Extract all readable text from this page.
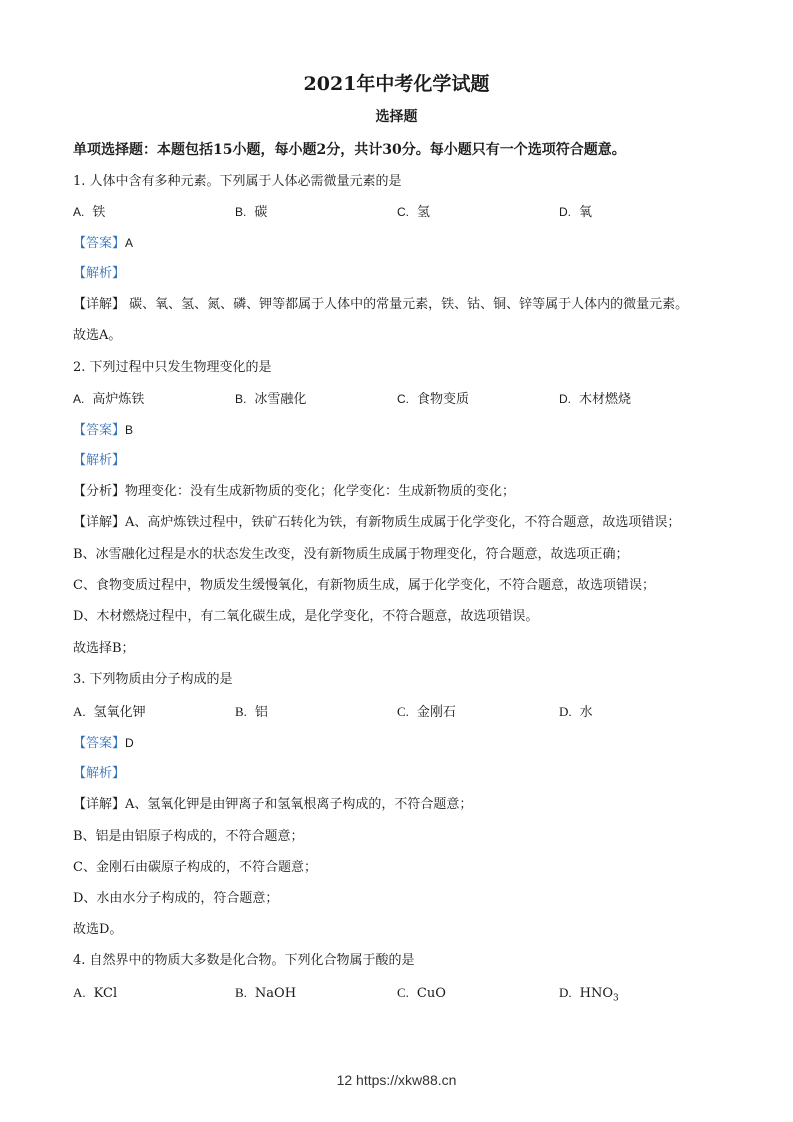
2021年中考化学试题
选择题
单项选择题：本题包括15小题，每小题2分，共计30分。每小题只有一个选项符合题意。
1. 人体中含有多种元素。下列属于人体必需微量元素的是
A. 铁	B. 碳	C. 氢	D. 氧
【答案】A
【解析】
【详解】 碳、氧、氢、氮、磷、钾等都属于人体中的常量元素，铁、钴、铜、锌等属于人体内的微量元素。
故选A。
2. 下列过程中只发生物理变化的是
A. 高炉炼铁	B. 冰雪融化	C. 食物变质	D. 木材燃烧
【答案】B
【解析】
【分析】物理变化：没有生成新物质的变化；化学变化：生成新物质的变化；
【详解】A、高炉炼铁过程中，铁矿石转化为铁，有新物质生成属于化学变化，不符合题意，故选项错误；
B、冰雪融化过程是水的状态发生改变，没有新物质生成属于物理变化，符合题意，故选项正确；
C、食物变质过程中，物质发生缓慢氧化，有新物质生成，属于化学变化，不符合题意，故选项错误；
D、木材燃烧过程中，有二氧化碳生成，是化学变化，不符合题意，故选项错误。
故选择B；
3. 下列物质由分子构成的是
A. 氢氧化钾	B. 铝	C. 金刚石	D. 水
【答案】D
【解析】
【详解】A、氢氧化钾是由钾离子和氢氧根离子构成的，不符合题意；
B、铝是由铝原子构成的，不符合题意；
C、金刚石由碳原子构成的，不符合题意；
D、水由水分子构成的，符合题意；
故选D。
4. 自然界中的物质大多数是化合物。下列化合物属于酸的是
A. KCl	B. NaOH	C. CuO	D. $HNO_3$
12 https://xkw88.cn
